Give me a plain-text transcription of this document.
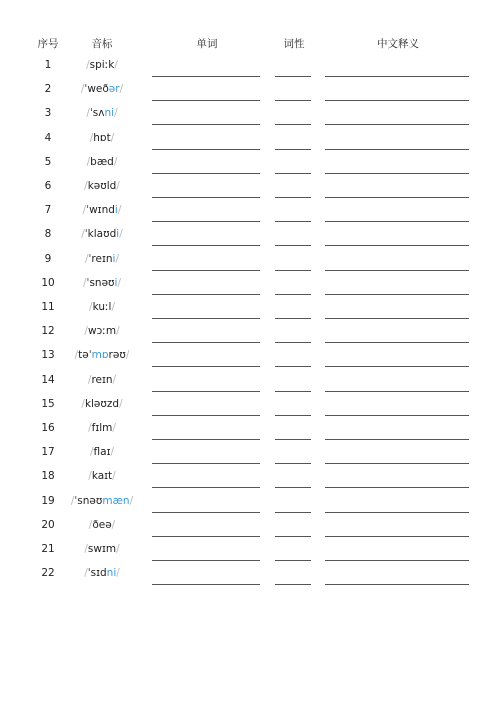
序号	音标	单词	词性	中文释义
1	/spiːk/
2	/ˈweðər/
3	/ˈsʌni/
4	/hɒt/
5	/bæd/
6	/kəʊld/
7	/ˈwɪndi/
8	/ˈklaʊdi/
9	/ˈreɪni/
10	/ˈsnəʊi/
11	/kuːl/
12	/wɔːm/
13 /təˈmɒrəʊ/
14	/reɪn/
15	/kləʊzd/
16	/fɪlm/
17	/flaɪ/
18	/kaɪt/
19 /ˈsnəʊmæn/
20	/ðeə/
21	/swɪm/
22	/ˈsɪdni/
